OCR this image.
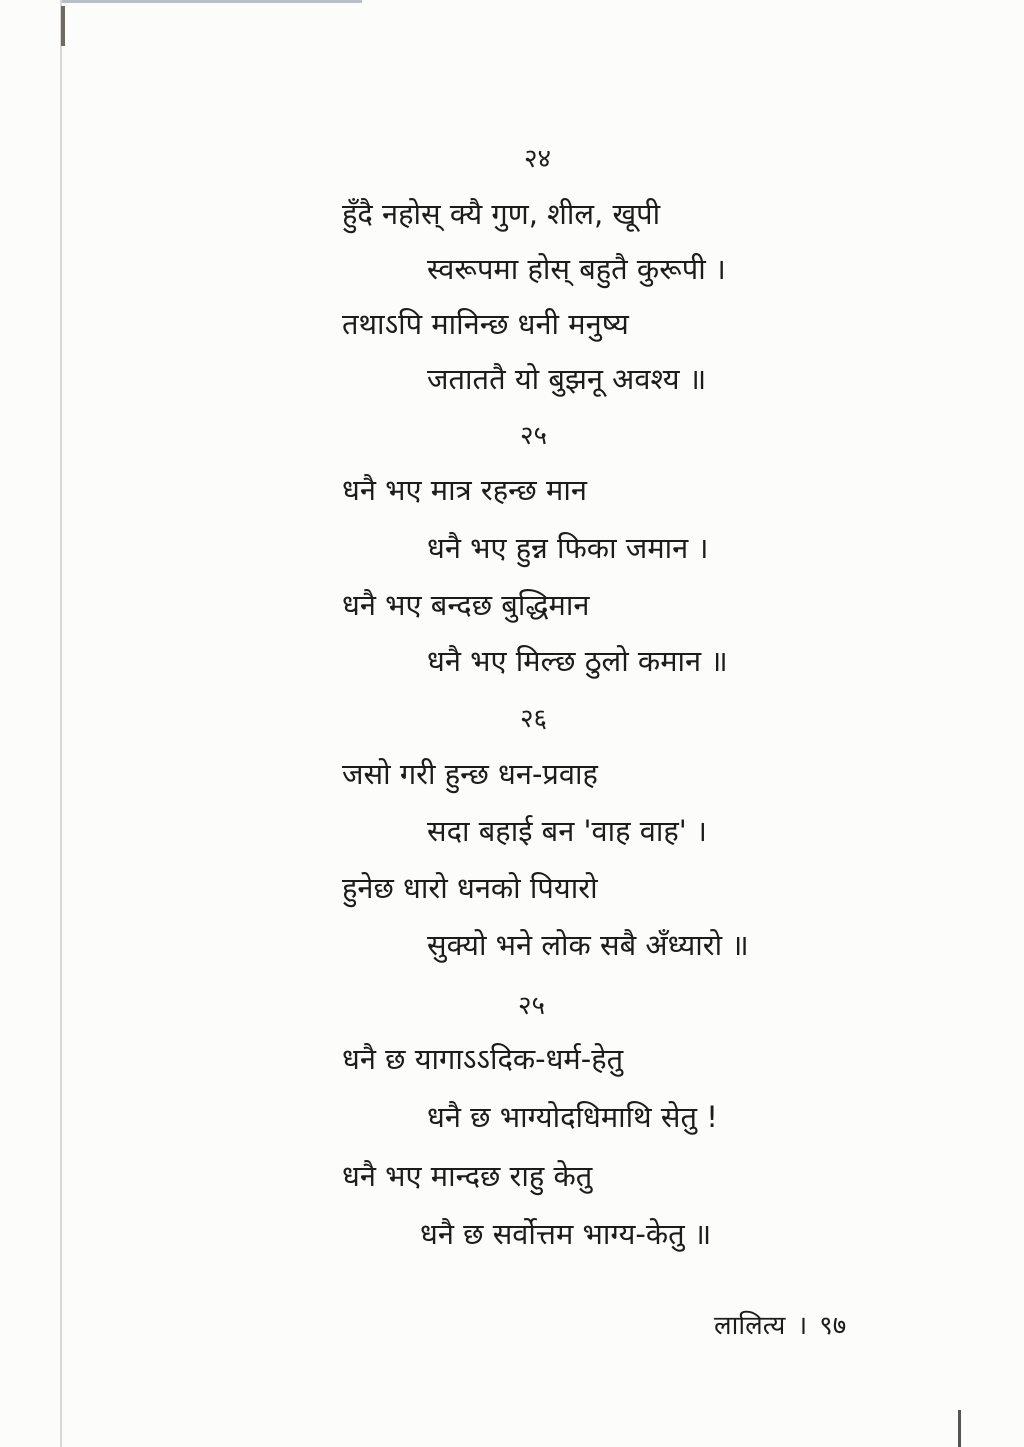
२४
हुँदै नहोस् क्यै गुण, शील, खूपी
स्वरूपमा होस् बहुतै कुरूपी ।
तथाऽपि मानिन्छ धनी मनुष्य
जताततै यो बुझनू अवश्य ॥
२५
धनै भए मात्र रहन्छ मान
धनै भए हुन्न फिका जमान ।
धनै भए बन्दछ बुद्धिमान
धनै भए मिल्छ ठुलो कमान ॥
२६
जसो गरी हुन्छ धन-प्रवाह
सदा बहाई बन 'वाह वाह' ।
हुनेछ धारो धनको पियारो
सुक्यो भने लोक सबै अँध्यारो ॥
२५
धनै छ यागाऽऽदिक-धर्म-हेतु
धनै छ भाग्योदधिमाथि सेतु !
धनै भए मान्दछ राहु केतु
धनै छ सर्वोत्तम भाग्य-केतु ॥
लालित्य । ९७
